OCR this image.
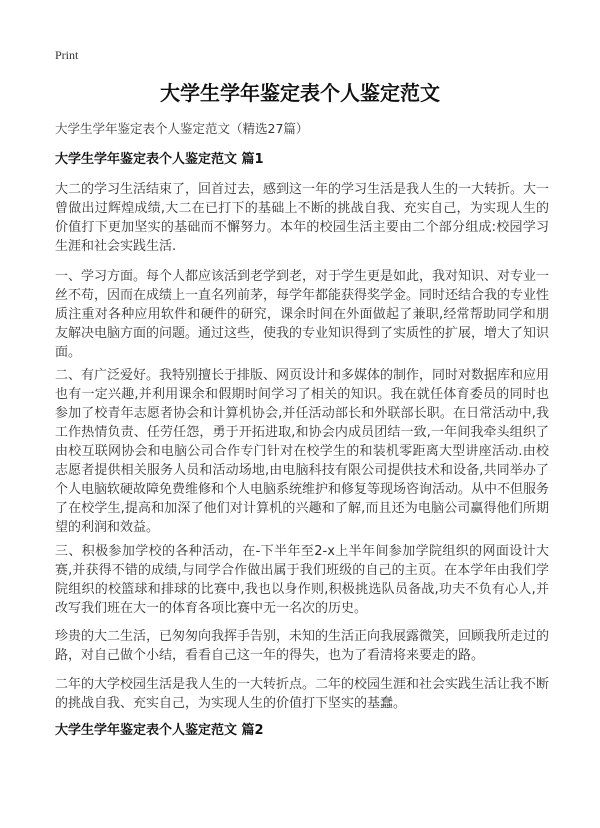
Print
大学生学年鉴定表个人鉴定范文

大学生学年鉴定表个人鉴定范文（精选27篇）

大学生学年鉴定表个人鉴定范文 篇1

大二的学习生活结束了，回首过去，感到这一年的学习生活是我人生的一大转折。大一曾做出过辉煌成绩,大二在已打下的基础上不断的挑战自我、充实自己，为实现人生的价值打下更加坚实的基础而不懈努力。本年的校园生活主要由二个部分组成:校园学习生涯和社会实践生活.

一、学习方面。每个人都应该活到老学到老，对于学生更是如此，我对知识、对专业一丝不苟，因而在成绩上一直名列前茅，每学年都能获得奖学金。同时还结合我的专业性质注重对各种应用软件和硬件的研究，课余时间在外面做起了兼职,经常帮助同学和朋友解决电脑方面的问题。通过这些，使我的专业知识得到了实质性的扩展，增大了知识面。

二、有广泛爱好。我特别擅长于排版、网页设计和多媒体的制作，同时对数据库和应用也有一定兴趣,并利用课余和假期时间学习了相关的知识。我在就任体育委员的同时也参加了校青年志愿者协会和计算机协会,并任活动部长和外联部长职。在日常活动中,我工作热情负责、任劳任怨，勇于开拓进取,和协会内成员团结一致,一年间我牵头组织了由校互联网协会和电脑公司合作专门针对在校学生的和装机零距离大型讲座活动.由校志愿者提供相关服务人员和活动场地,由电脑科技有限公司提供技术和设备,共同举办了个人电脑软硬故障免费维修和个人电脑系统维护和修复等现场咨询活动。从中不但服务了在校学生,提高和加深了他们对计算机的兴趣和了解,而且还为电脑公司赢得他们所期望的利润和效益。

三、积极参加学校的各种活动，在-下半年至2-x上半年间参加学院组织的网面设计大赛,并获得不错的成绩,与同学合作做出属于我们班级的自己的主页。在本学年由我们学院组织的校篮球和排球的比赛中,我也以身作则,积极挑选队员备战,功夫不负有心人,并改写我们班在大一的体育各项比赛中无一名次的历史。

珍贵的大二生活，已匆匆向我挥手告别，未知的生活正向我展露微笑，回顾我所走过的路，对自己做个小结，看看自己这一年的得失，也为了看清将来要走的路。

二年的大学校园生活是我人生的一大转折点。二年的校园生涯和社会实践生活让我不断的挑战自我、充实自己，为实现人生的价值打下坚实的基蠢。

大学生学年鉴定表个人鉴定范文 篇2
